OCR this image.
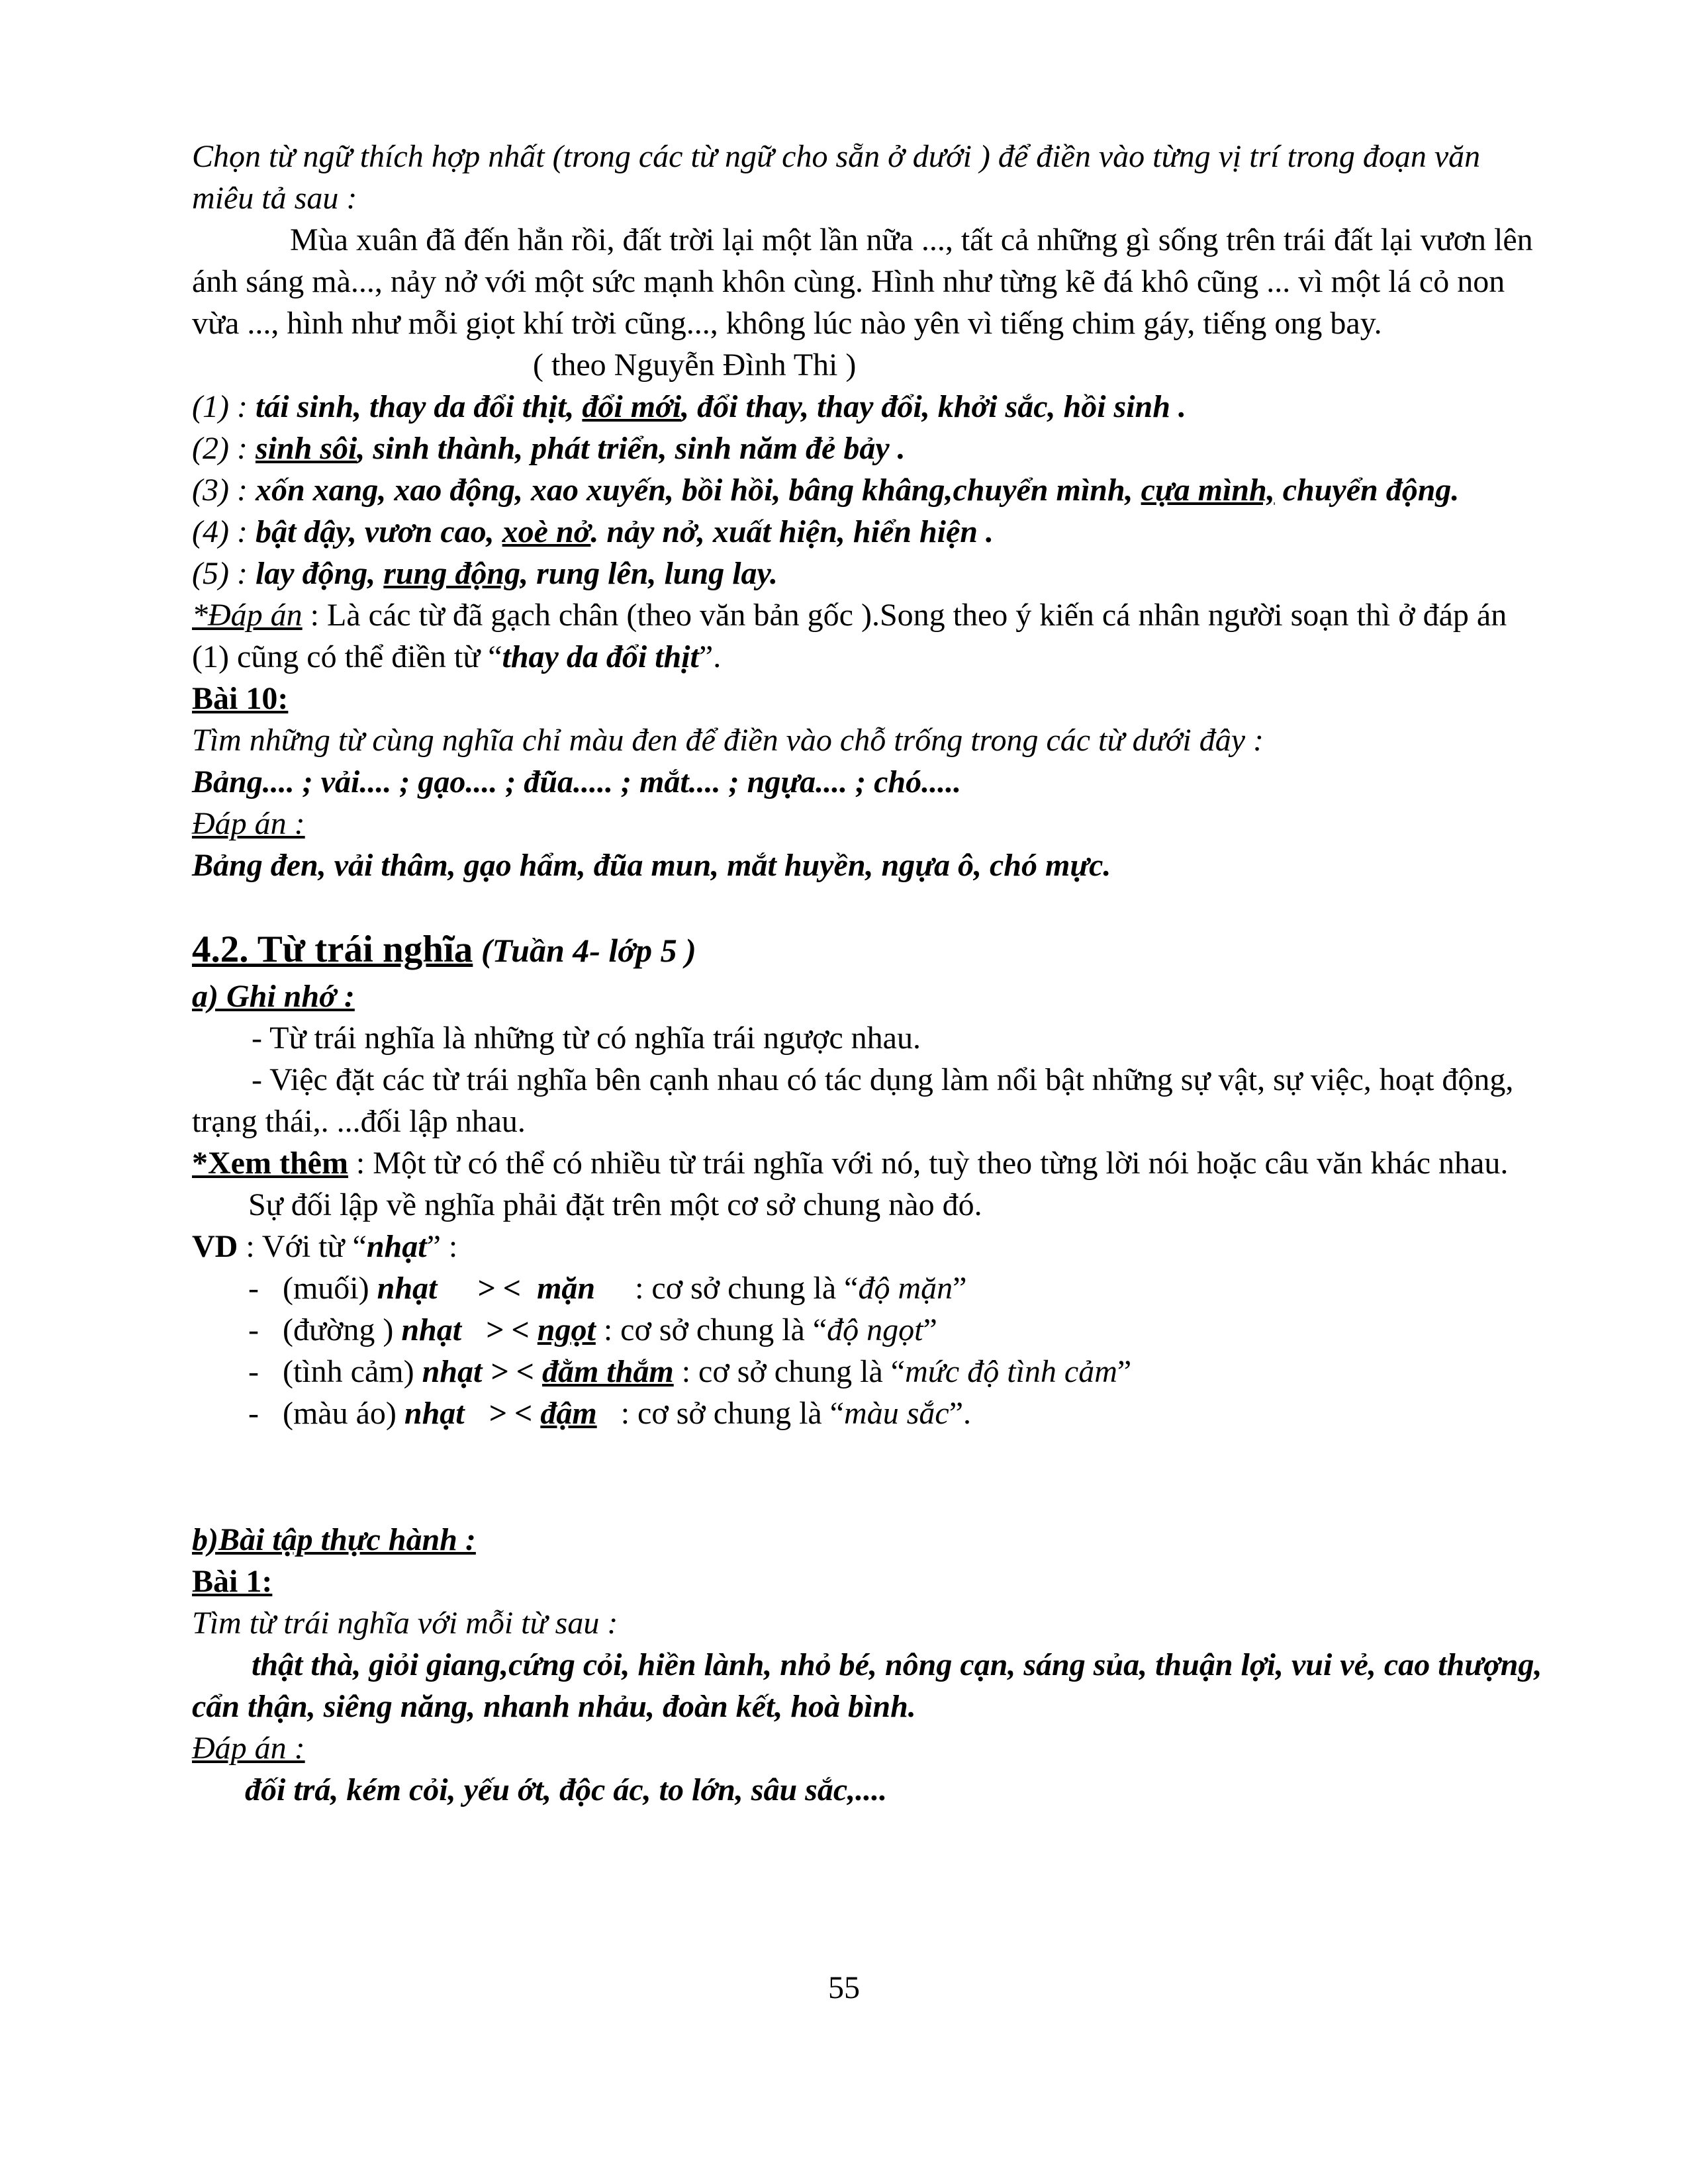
Chọn từ ngữ thích hợp nhất (trong các từ ngữ cho sẵn ở dưới ) để điền vào từng vị trí trong đoạn văn miêu tả sau :

Mùa xuân đã đến hẳn rồi, đất trời lại một lần nữa ..., tất cả những gì sống trên trái đất lại vươn lên ánh sáng mà..., nảy nở với một sức mạnh khôn cùng. Hình như từng kẽ đá khô cũng ... vì một lá cỏ non vừa ..., hình như mỗi giọt khí trời cũng..., không lúc nào yên vì tiếng chim gáy, tiếng ong bay.

( theo Nguyễn Đình Thi )

(1) : tái sinh, thay da đổi thịt, đổi mới, đổi thay, thay đổi, khởi sắc, hồi sinh .

(2) : sinh sôi, sinh thành, phát triển, sinh năm đẻ bảy .

(3) : xốn xang, xao động, xao xuyến, bồi hồi, bâng khâng,chuyển mình, cựa mình, chuyển động.

(4) : bật dậy, vươn cao, xoè nở. nảy nở, xuất hiện, hiển hiện .

(5) : lay động, rung động, rung lên, lung lay.

*Đáp án : Là các từ đã gạch chân (theo văn bản gốc ).Song theo ý kiến cá nhân người soạn thì ở đáp án (1) cũng có thể điền từ “thay da đổi thịt”.

Bài 10:

Tìm những từ cùng nghĩa chỉ màu đen để điền vào chỗ trống trong các từ dưới đây :

Bảng.... ; vải.... ; gạo.... ; đũa..... ; mắt.... ; ngựa.... ; chó.....

Đáp án :

Bảng đen, vải thâm, gạo hẩm, đũa mun, mắt huyền, ngựa ô, chó mực.

4.2. Từ trái nghĩa (Tuần 4- lớp 5 )

a) Ghi nhớ :

- Từ trái nghĩa là những từ có nghĩa trái ngược nhau.

- Việc đặt các từ trái nghĩa bên cạnh nhau có tác dụng làm nổi bật những sự vật, sự việc, hoạt động, trạng thái,. ...đối lập nhau.

*Xem thêm : Một từ có thể có nhiều từ trái nghĩa với nó, tuỳ theo từng lời nói hoặc câu văn khác nhau.

Sự đối lập về nghĩa phải đặt trên một cơ sở chung nào đó.

VD : Với từ “nhạt” :

-   (muối) nhạt     > <  mặn     : cơ sở chung là “độ mặn”

-   (đường ) nhạt   > < ngọt : cơ sở chung là “độ ngọt”

-   (tình cảm) nhạt > < đằm thắm : cơ sở chung là “mức độ tình cảm”

-   (màu áo) nhạt   > < đậm   : cơ sở chung là “màu sắc”.

b)Bài tập thực hành :

Bài 1:

Tìm từ trái nghĩa với mỗi từ sau :

thật thà, giỏi giang,cứng cỏi, hiền lành, nhỏ bé, nông cạn, sáng sủa, thuận lợi, vui vẻ, cao thượng, cẩn thận, siêng năng, nhanh nhảu, đoàn kết, hoà bình.

Đáp án :

đối trá, kém cỏi, yếu ớt, độc ác, to lớn, sâu sắc,....

55
